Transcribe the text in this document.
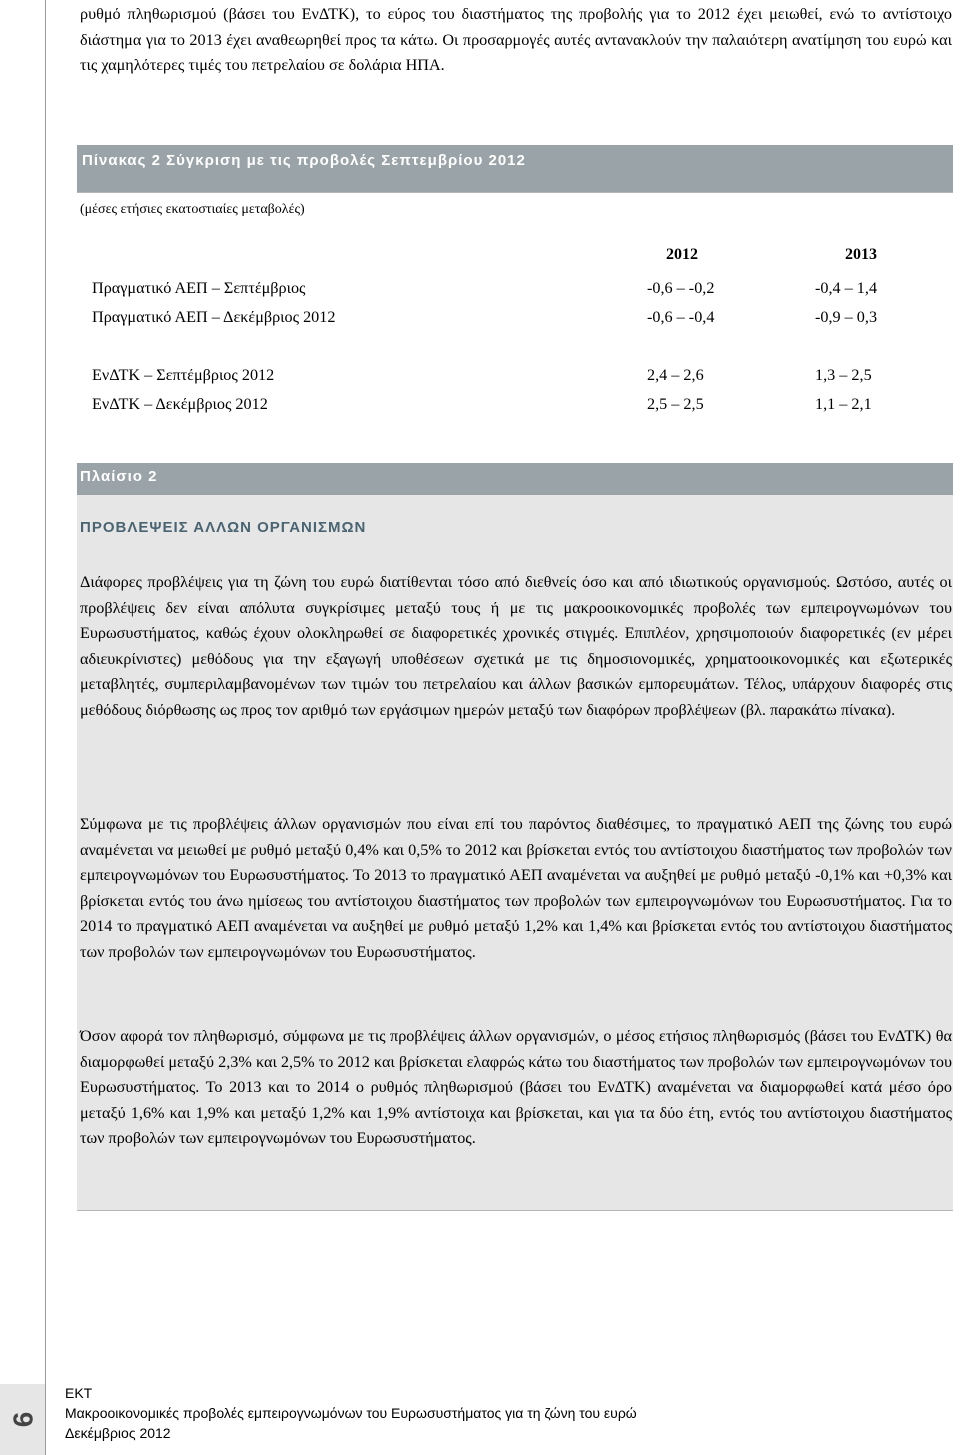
ρυθμό πληθωρισμού (βάσει του ΕνΔΤΚ), το εύρος του διαστήματος της προβολής για το 2012 έχει μειωθεί, ενώ το αντίστοιχο διάστημα για το 2013 έχει αναθεωρηθεί προς τα κάτω. Οι προσαρμογές αυτές αντανακλούν την παλαιότερη ανατίμηση του ευρώ και τις χαμηλότερες τιμές του πετρελαίου σε δολάρια ΗΠΑ.

Πίνακας 2 Σύγκριση με τις προβολές Σεπτεμβρίου 2012
(μέσες ετήσιες εκατοστιαίες μεταβολές)
2012	2013
Πραγματικό ΑΕΠ – Σεπτέμβριος	-0,6 – -0,2	-0,4 – 1,4
Πραγματικό ΑΕΠ – Δεκέμβριος 2012	-0,6 – -0,4	-0,9 – 0,3
ΕνΔΤΚ – Σεπτέμβριος 2012	2,4 – 2,6	1,3 – 2,5
ΕνΔΤΚ – Δεκέμβριος 2012	2,5 – 2,5	1,1 – 2,1
Πλαίσιο 2
ΠΡΟΒΛΕΨΕΙΣ ΑΛΛΩΝ ΟΡΓΑΝΙΣΜΩΝ

Διάφορες προβλέψεις για τη ζώνη του ευρώ διατίθενται τόσο από διεθνείς όσο και από ιδιωτικούς οργανισμούς. Ωστόσο, αυτές οι προβλέψεις δεν είναι απόλυτα συγκρίσιμες μεταξύ τους ή με τις μακροοικονομικές προβολές των εμπειρογνωμόνων του Ευρωσυστήματος, καθώς έχουν ολοκληρωθεί σε διαφορετικές χρονικές στιγμές. Επιπλέον, χρησιμοποιούν διαφορετικές (εν μέρει αδιευκρίνιστες) μεθόδους για την εξαγωγή υποθέσεων σχετικά με τις δημοσιονομικές, χρηματοοικονομικές και εξωτερικές μεταβλητές, συμπεριλαμβανομένων των τιμών του πετρελαίου και άλλων βασικών εμπορευμάτων. Τέλος, υπάρχουν διαφορές στις μεθόδους διόρθωσης ως προς τον αριθμό των εργάσιμων ημερών μεταξύ των διαφόρων προβλέψεων (βλ. παρακάτω πίνακα).

Σύμφωνα με τις προβλέψεις άλλων οργανισμών που είναι επί του παρόντος διαθέσιμες, το πραγματικό ΑΕΠ της ζώνης του ευρώ αναμένεται να μειωθεί με ρυθμό μεταξύ 0,4% και 0,5% το 2012 και βρίσκεται εντός του αντίστοιχου διαστήματος των προβολών των εμπειρογνωμόνων του Ευρωσυστήματος. Το 2013 το πραγματικό ΑΕΠ αναμένεται να αυξηθεί με ρυθμό μεταξύ -0,1% και +0,3% και βρίσκεται εντός του άνω ημίσεως του αντίστοιχου διαστήματος των προβολών των εμπειρογνωμόνων του Ευρωσυστήματος. Για το 2014 το πραγματικό ΑΕΠ αναμένεται να αυξηθεί με ρυθμό μεταξύ 1,2% και 1,4% και βρίσκεται εντός του αντίστοιχου διαστήματος των προβολών των εμπειρογνωμόνων του Ευρωσυστήματος.

Όσον αφορά τον πληθωρισμό, σύμφωνα με τις προβλέψεις άλλων οργανισμών, ο μέσος ετήσιος πληθωρισμός (βάσει του ΕνΔΤΚ) θα διαμορφωθεί μεταξύ 2,3% και 2,5% το 2012 και βρίσκεται ελαφρώς κάτω του διαστήματος των προβολών των εμπειρογνωμόνων του Ευρωσυστήματος. Το 2013 και το 2014 ο ρυθμός πληθωρισμού (βάσει του ΕνΔΤΚ) αναμένεται να διαμορφωθεί κατά μέσο όρο μεταξύ 1,6% και 1,9% και μεταξύ 1,2% και 1,9% αντίστοιχα και βρίσκεται, και για τα δύο έτη, εντός του αντίστοιχου διαστήματος των προβολών των εμπειρογνωμόνων του Ευρωσυστήματος.

6
ΕΚΤ
Μακροοικονομικές προβολές εμπειρογνωμόνων του Ευρωσυστήματος για τη ζώνη του ευρώ
Δεκέμβριος 2012
